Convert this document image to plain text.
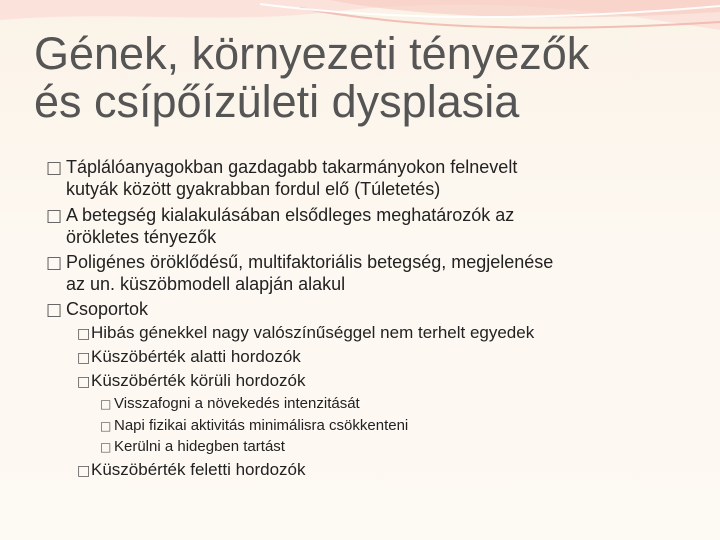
Gének, környezeti tényezők
és csípőízületi dysplasia
□ Táplálóanyagokban gazdagabb takarmányokon felnevelt
kutyák között gyakrabban fordul elő (Túletetés)
□ A betegség kialakulásában elsődleges meghatározók az
örökletes tényezők
□ Poligénes öröklődésű, multifaktoriális betegség, megjelenése
az un. küszöbmodell alapján alakul
□ Csoportok
□Hibás génekkel nagy valószínűséggel nem terhelt egyedek
□Küszöbérték alatti hordozók
□Küszöbérték körüli hordozók
□ Visszafogni a növekedés intenzitását
□ Napi fizikai aktivitás minimálisra csökkenteni
□ Kerülni a hidegben tartást
□Küszöbérték feletti hordozók
